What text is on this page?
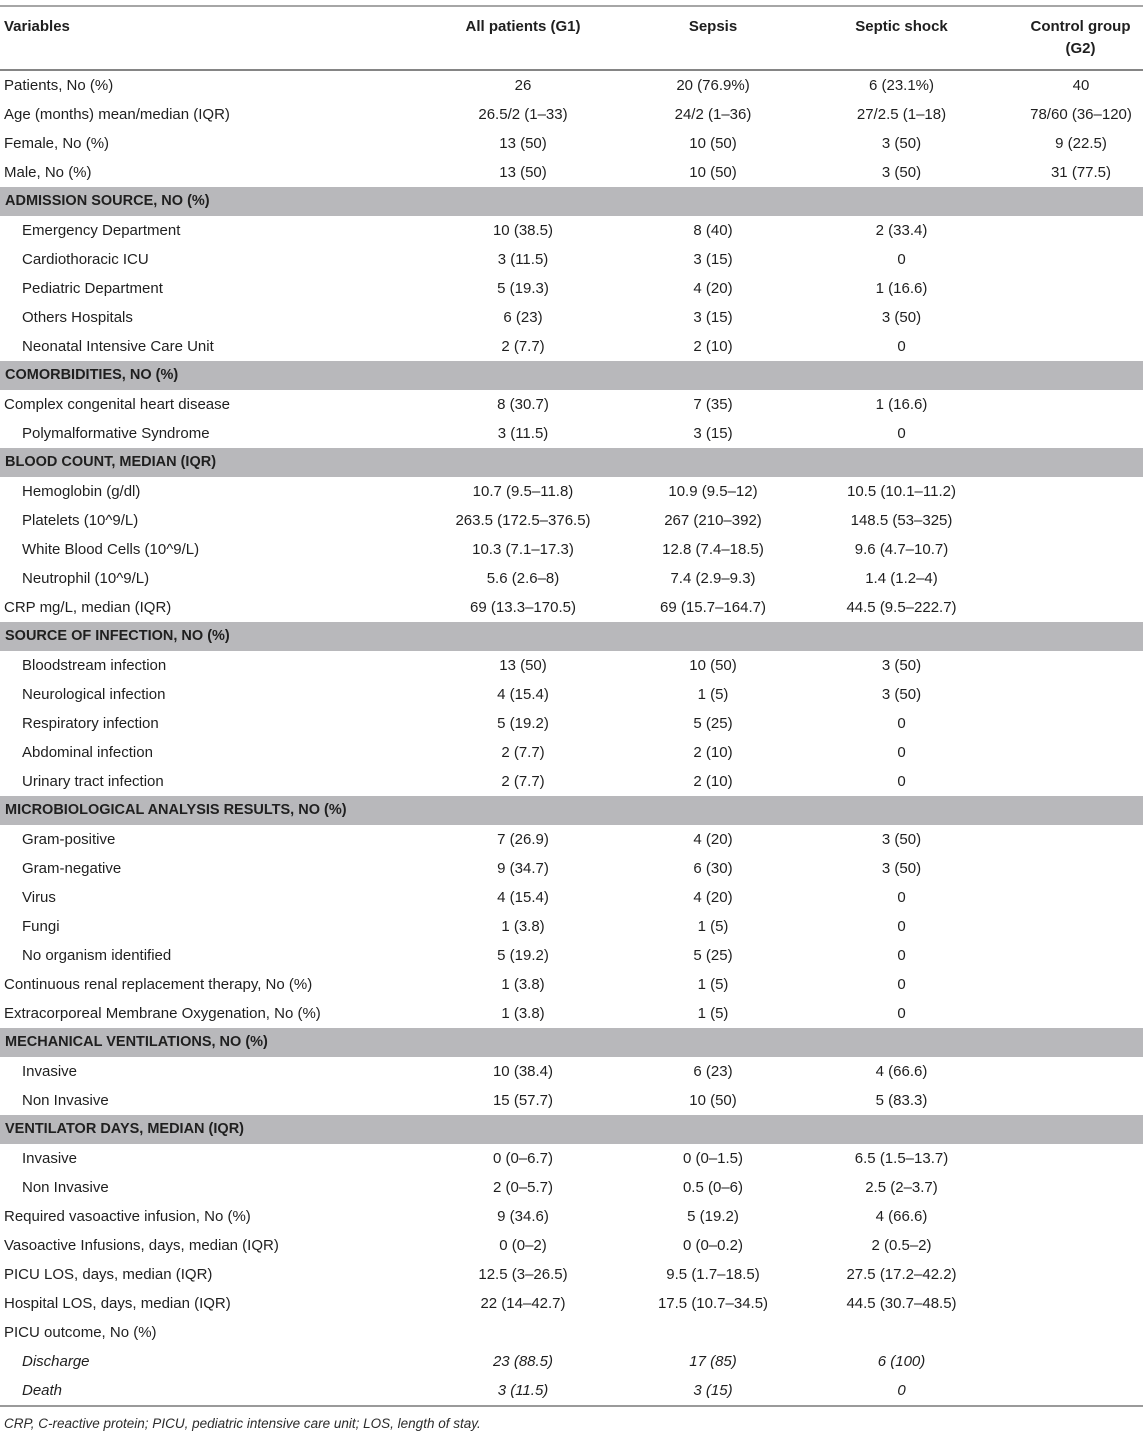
Variables	All patients (G1)	Sepsis	Septic shock	Control group (G2)
Patients, No (%)	26	20 (76.9%)	6 (23.1%)	40
Age (months) mean/median (IQR)	26.5/2 (1–33)	24/2 (1–36)	27/2.5 (1–18)	78/60 (36–120)
Female, No (%)	13 (50)	10 (50)	3 (50)	9 (22.5)
Male, No (%)	13 (50)	10 (50)	3 (50)	31 (77.5)
ADMISSION SOURCE, NO (%)				
Emergency Department	10 (38.5)	8 (40)	2 (33.4)	
Cardiothoracic ICU	3 (11.5)	3 (15)	0	
Pediatric Department	5 (19.3)	4 (20)	1 (16.6)	
Others Hospitals	6 (23)	3 (15)	3 (50)	
Neonatal Intensive Care Unit	2 (7.7)	2 (10)	0	
COMORBIDITIES, NO (%)				
Complex congenital heart disease	8 (30.7)	7 (35)	1 (16.6)	
Polymalformative Syndrome	3 (11.5)	3 (15)	0	
BLOOD COUNT, MEDIAN (IQR)				
Hemoglobin (g/dl)	10.7 (9.5–11.8)	10.9 (9.5–12)	10.5 (10.1–11.2)	
Platelets (10^9/L)	263.5 (172.5–376.5)	267 (210–392)	148.5 (53–325)	
White Blood Cells (10^9/L)	10.3 (7.1–17.3)	12.8 (7.4–18.5)	9.6 (4.7–10.7)	
Neutrophil (10^9/L)	5.6 (2.6–8)	7.4 (2.9–9.3)	1.4 (1.2–4)	
CRP mg/L, median (IQR)	69 (13.3–170.5)	69 (15.7–164.7)	44.5 (9.5–222.7)	
SOURCE OF INFECTION, NO (%)				
Bloodstream infection	13 (50)	10 (50)	3 (50)	
Neurological infection	4 (15.4)	1 (5)	3 (50)	
Respiratory infection	5 (19.2)	5 (25)	0	
Abdominal infection	2 (7.7)	2 (10)	0	
Urinary tract infection	2 (7.7)	2 (10)	0	
MICROBIOLOGICAL ANALYSIS RESULTS, NO (%)				
Gram-positive	7 (26.9)	4 (20)	3 (50)	
Gram-negative	9 (34.7)	6 (30)	3 (50)	
Virus	4 (15.4)	4 (20)	0	
Fungi	1 (3.8)	1 (5)	0	
No organism identified	5 (19.2)	5 (25)	0	
Continuous renal replacement therapy, No (%)	1 (3.8)	1 (5)	0	
Extracorporeal Membrane Oxygenation, No (%)	1 (3.8)	1 (5)	0	
MECHANICAL VENTILATIONS, NO (%)				
Invasive	10 (38.4)	6 (23)	4 (66.6)	
Non Invasive	15 (57.7)	10 (50)	5 (83.3)	
VENTILATOR DAYS, MEDIAN (IQR)				
Invasive	0 (0–6.7)	0 (0–1.5)	6.5 (1.5–13.7)	
Non Invasive	2 (0–5.7)	0.5 (0–6)	2.5 (2–3.7)	
Required vasoactive infusion, No (%)	9 (34.6)	5 (19.2)	4 (66.6)	
Vasoactive Infusions, days, median (IQR)	0 (0–2)	0 (0–0.2)	2 (0.5–2)	
PICU LOS, days, median (IQR)	12.5 (3–26.5)	9.5 (1.7–18.5)	27.5 (17.2–42.2)	
Hospital LOS, days, median (IQR)	22 (14–42.7)	17.5 (10.7–34.5)	44.5 (30.7–48.5)	
PICU outcome, No (%)				
Discharge	23 (88.5)	17 (85)	6 (100)	
Death	3 (11.5)	3 (15)	0	
CRP, C-reactive protein; PICU, pediatric intensive care unit; LOS, length of stay.
